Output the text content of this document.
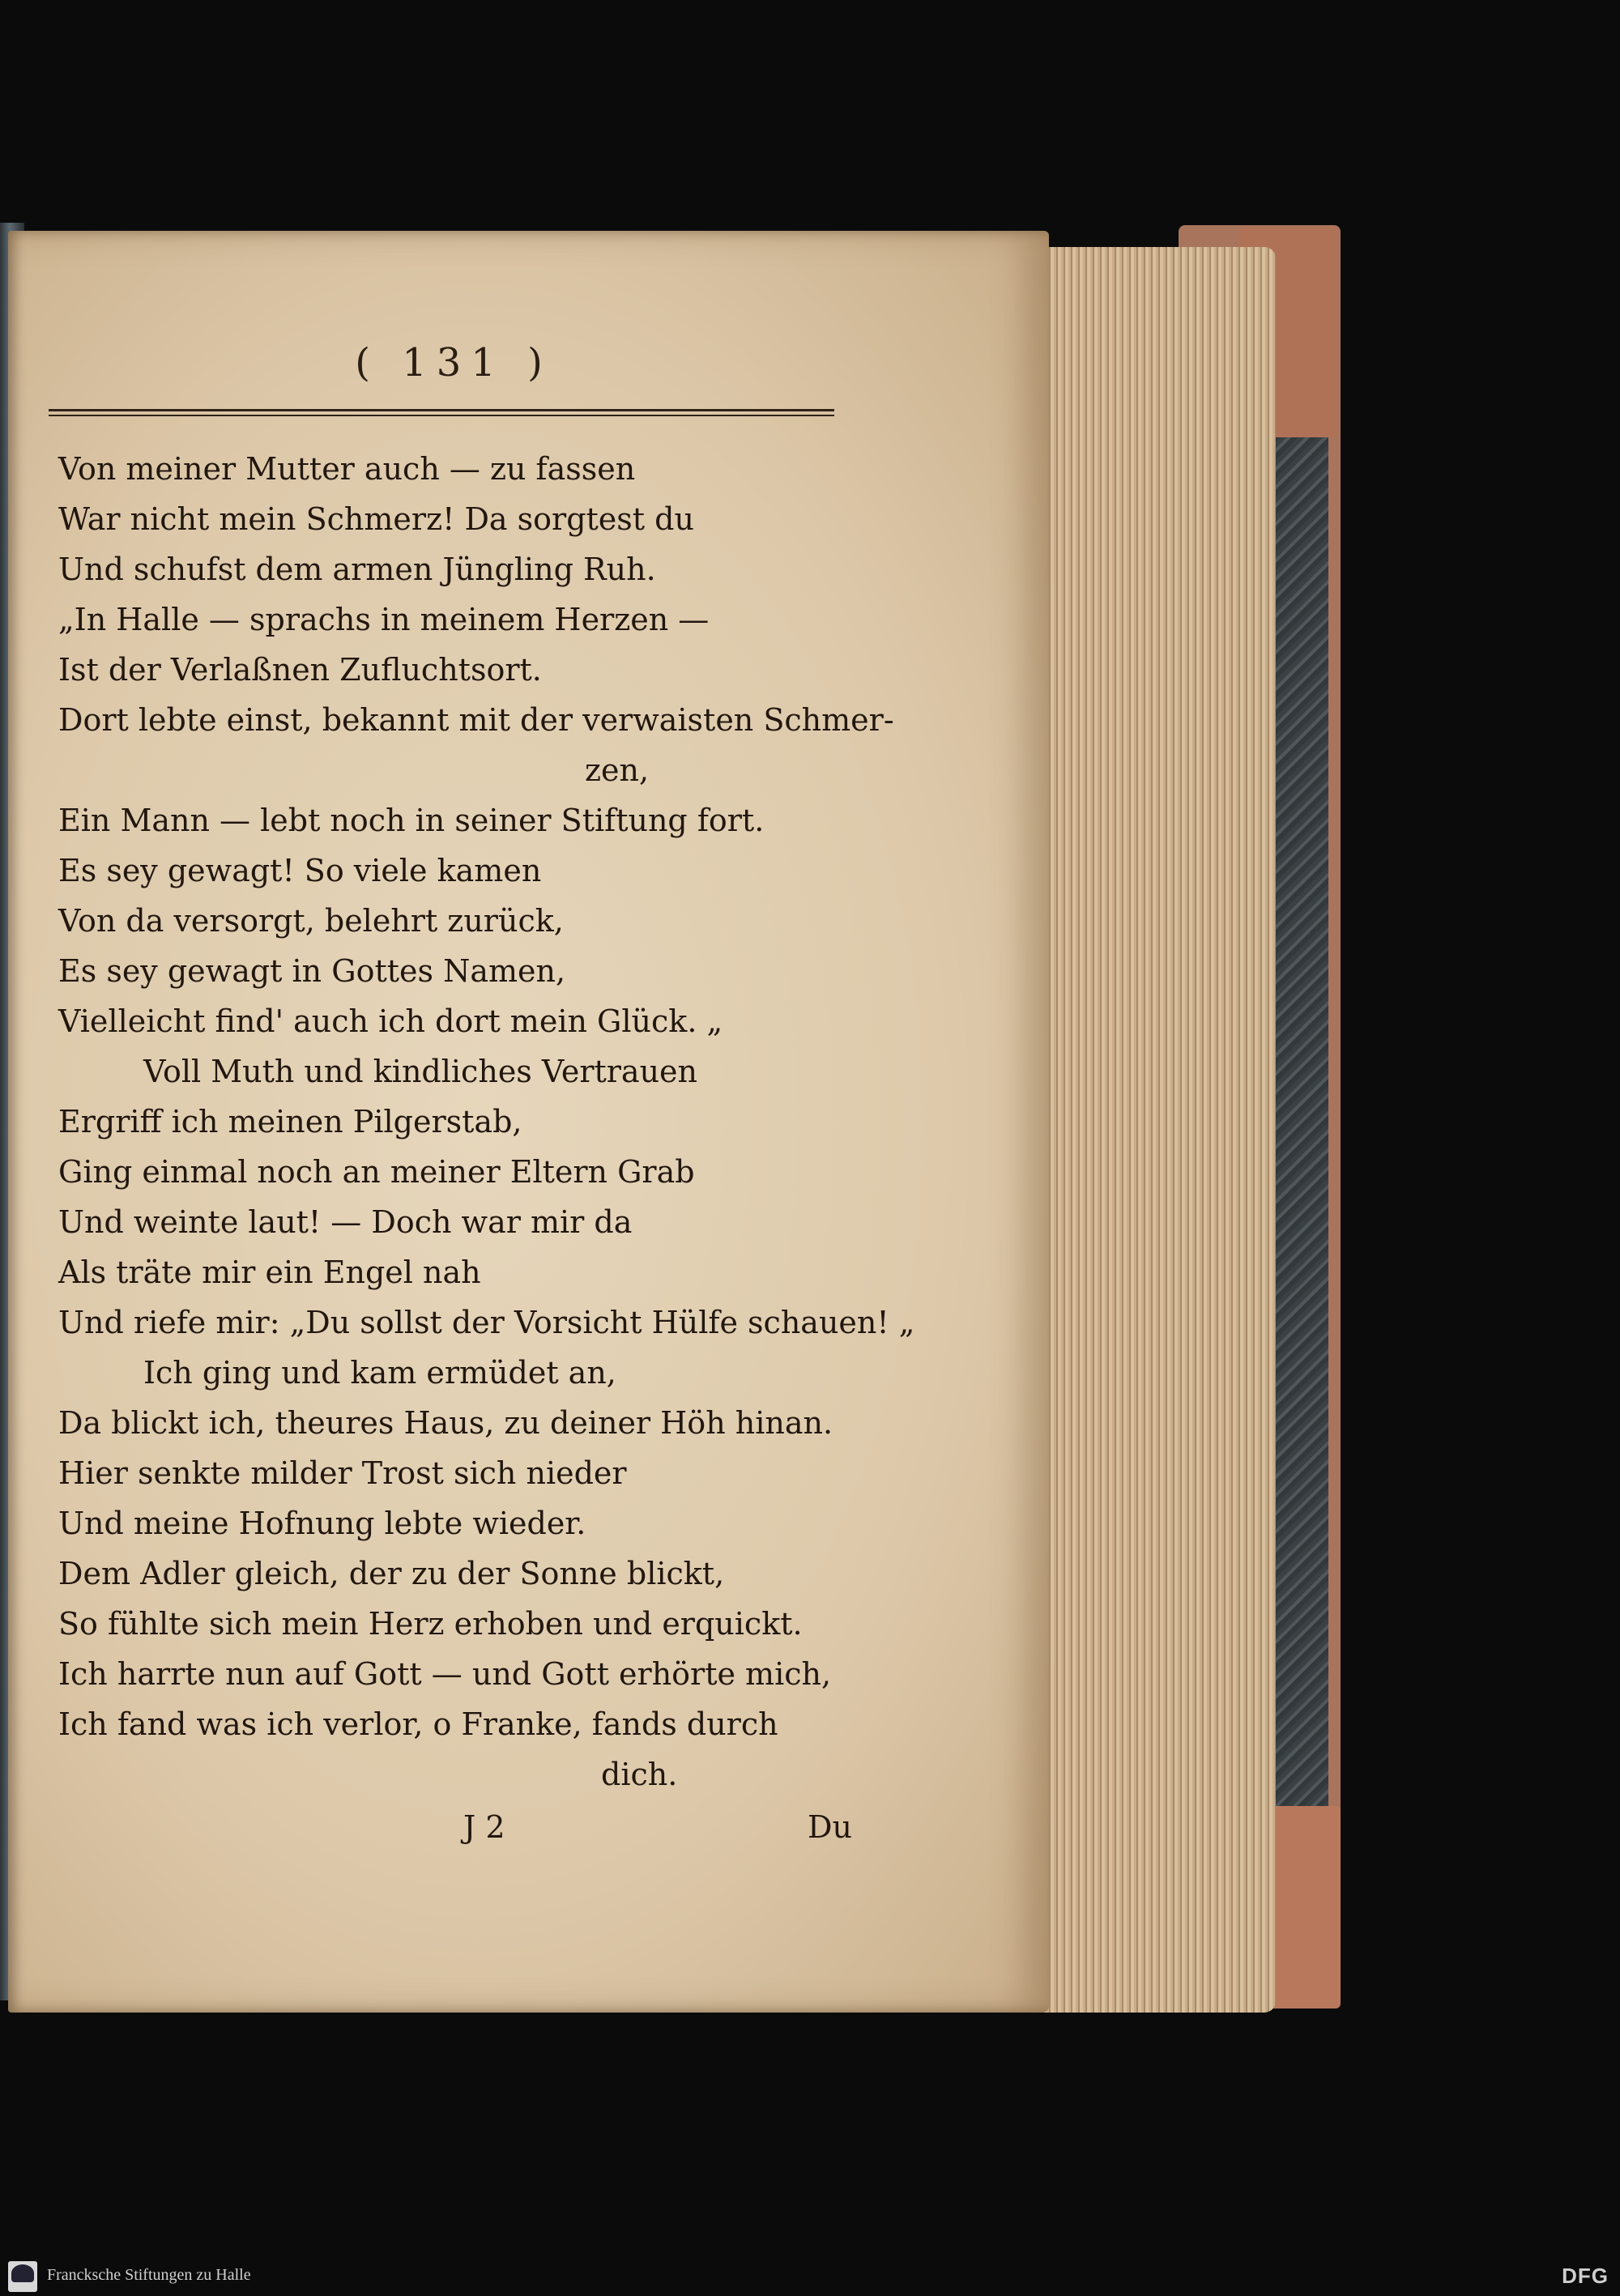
( 131 )
Von meiner Mutter auch — zu fassen
War nicht mein Schmerz! Da sorgtest du
Und schufst dem armen Jüngling Ruh.
„In Halle — sprachs in meinem Herzen —
Ist der Verlaßnen Zufluchtsort.
Dort lebte einst, bekannt mit der verwaisten Schmer-
zen,
Ein Mann — lebt noch in seiner Stiftung fort.
Es sey gewagt! So viele kamen
Von da versorgt, belehrt zurück,
Es sey gewagt in Gottes Namen,
Vielleicht find' auch ich dort mein Glück. „
Voll Muth und kindliches Vertrauen
Ergriff ich meinen Pilgerstab,
Ging einmal noch an meiner Eltern Grab
Und weinte laut! — Doch war mir da
Als träte mir ein Engel nah
Und riefe mir: „Du sollst der Vorsicht Hülfe schauen! „
Ich ging und kam ermüdet an,
Da blickt ich, theures Haus, zu deiner Höh hinan.
Hier senkte milder Trost sich nieder
Und meine Hofnung lebte wieder.
Dem Adler gleich, der zu der Sonne blickt,
So fühlte sich mein Herz erhoben und erquickt.
Ich harrte nun auf Gott — und Gott erhörte mich,
Ich fand was ich verlor, o Franke, fands durch
dich.
J 2	Du
Francksche Stiftungen zu Halle	DFG
